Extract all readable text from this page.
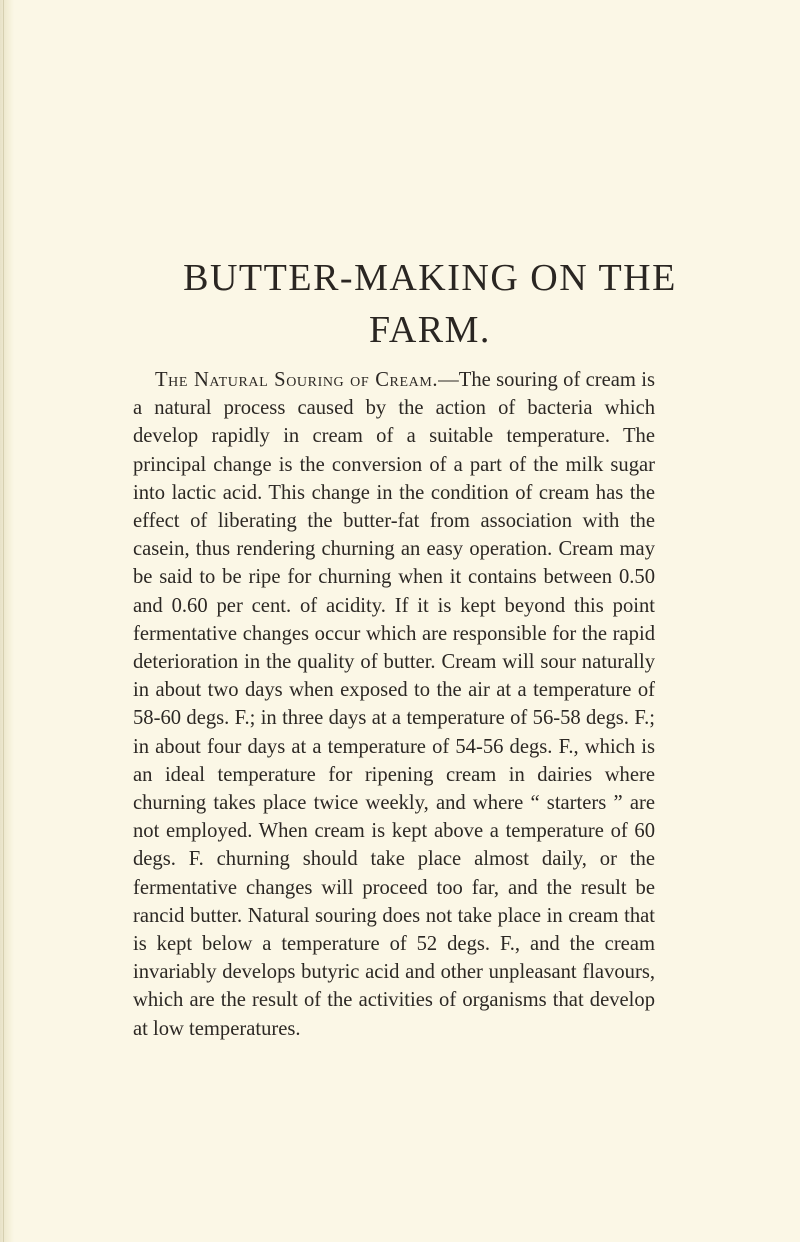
BUTTER-MAKING ON THE
FARM.

The Natural Souring of Cream.—The souring of cream is a natural process caused by the action of bacteria which develop rapidly in cream of a suitable temperature. The principal change is the conversion of a part of the milk sugar into lactic acid. This change in the condition of cream has the effect of liberating the butter-fat from association with the casein, thus rendering churning an easy operation. Cream may be said to be ripe for churning when it contains between 0.50 and 0.60 per cent. of acidity. If it is kept beyond this point fermentative changes occur which are responsible for the rapid deterioration in the quality of butter. Cream will sour naturally in about two days when exposed to the air at a temperature of 58-60 degs. F.; in three days at a temperature of 56-58 degs. F.; in about four days at a temperature of 54-56 degs. F., which is an ideal temperature for ripening cream in dairies where churning takes place twice weekly, and where “ starters ” are not employed. When cream is kept above a temperature of 60 degs. F. churning should take place almost daily, or the fermentative changes will proceed too far, and the result be rancid butter. Natural souring does not take place in cream that is kept below a temperature of 52 degs. F., and the cream invariably develops butyric acid and other unpleasant flavours, which are the result of the activities of organisms that develop at low temperatures.
